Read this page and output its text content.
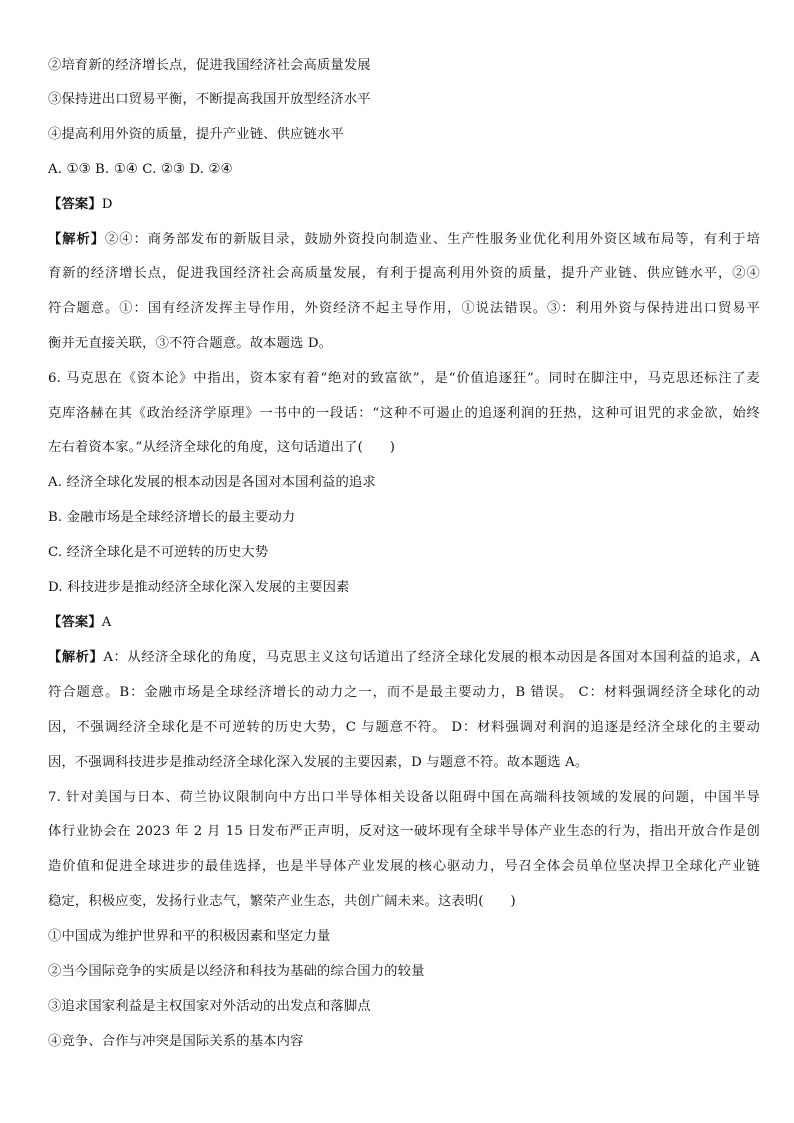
②培育新的经济增长点，促进我国经济社会高质量发展
③保持进出口贸易平衡，不断提高我国开放型经济水平
④提高利用外资的质量，提升产业链、供应链水平
A. ①③ B. ①④ C. ②③ D. ②④
【答案】D
【解析】②④：商务部发布的新版目录，鼓励外资投向制造业、生产性服务业优化利用外资区域布局等，有利于培
育新的经济增长点，促进我国经济社会高质量发展，有利于提高利用外资的质量，提升产业链、供应链水平，②④
符合题意。①：国有经济发挥主导作用，外资经济不起主导作用，①说法错误。③：利用外资与保持进出口贸易平
衡并无直接关联，③不符合题意。故本题选 D。
6. 马克思在《资本论》中指出，资本家有着“绝对的致富欲”，是“价值追逐狂”。同时在脚注中，马克思还标注了麦
克库洛赫在其《政治经济学原理》一书中的一段话：“这种不可遏止的追逐利润的狂热，这种可诅咒的求金欲，始终
左右着资本家。”从经济全球化的角度，这句话道出了(　　)
A. 经济全球化发展的根本动因是各国对本国利益的追求
B. 金融市场是全球经济增长的最主要动力
C. 经济全球化是不可逆转的历史大势
D. 科技进步是推动经济全球化深入发展的主要因素
【答案】A
【解析】A：从经济全球化的角度，马克思主义这句话道出了经济全球化发展的根本动因是各国对本国利益的追求，A
符合题意。B：金融市场是全球经济增长的动力之一，而不是最主要动力，B 错误。 C：材料强调经济全球化的动
因，不强调经济全球化是不可逆转的历史大势，C 与题意不符。 D：材料强调对利润的追逐是经济全球化的主要动
因，不强调科技进步是推动经济全球化深入发展的主要因素，D 与题意不符。故本题选 A。
7. 针对美国与日本、荷兰协议限制向中方出口半导体相关设备以阻碍中国在高端科技领域的发展的问题，中国半导
体行业协会在 2023 年 2 月 15 日发布严正声明，反对这一破坏现有全球半导体产业生态的行为，指出开放合作是创
造价值和促进全球进步的最佳选择，也是半导体产业发展的核心驱动力，号召全体会员单位坚决捍卫全球化产业链
稳定，积极应变，发扬行业志气，繁荣产业生态，共创广阔未来。这表明(　　)
①中国成为维护世界和平的积极因素和坚定力量
②当今国际竞争的实质是以经济和科技为基础的综合国力的较量
③追求国家利益是主权国家对外活动的出发点和落脚点
④竞争、合作与冲突是国际关系的基本内容
